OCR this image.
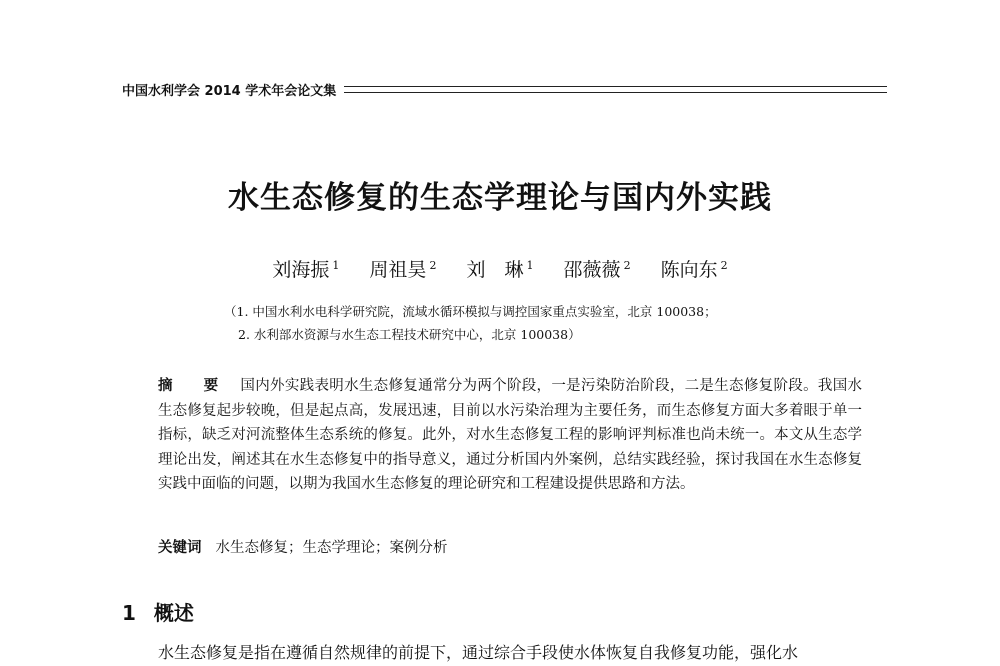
中国水利学会 2014 学术年会论文集
水生态修复的生态学理论与国内外实践
刘海振 $^1$ 周祖昊 $^2$ 刘　琳 $^1$ 邵薇薇 $^2$ 陈向东 $^2$
（1. 中国水利水电科学研究院，流域水循环模拟与调控国家重点实验室，北京 100038；
2. 水利部水资源与水生态工程技术研究中心，北京 100038）
摘　要 国内外实践表明水生态修复通常分为两个阶段，一是污染防治阶段，二是生态修复阶段。我国水生态修复起步较晚，但是起点高，发展迅速，目前以水污染治理为主要任务，而生态修复方面大多着眼于单一指标，缺乏对河流整体生态系统的修复。此外，对水生态修复工程的影响评判标准也尚未统一。本文从生态学理论出发，阐述其在水生态修复中的指导意义，通过分析国内外案例，总结实践经验，探讨我国在水生态修复实践中面临的问题，以期为我国水生态修复的理论研究和工程建设提供思路和方法。
关键词 水生态修复；生态学理论；案例分析
1 概述
水生态修复是指在遵循自然规律的前提下，通过综合手段使水体恢复自我修复功能，强化水
